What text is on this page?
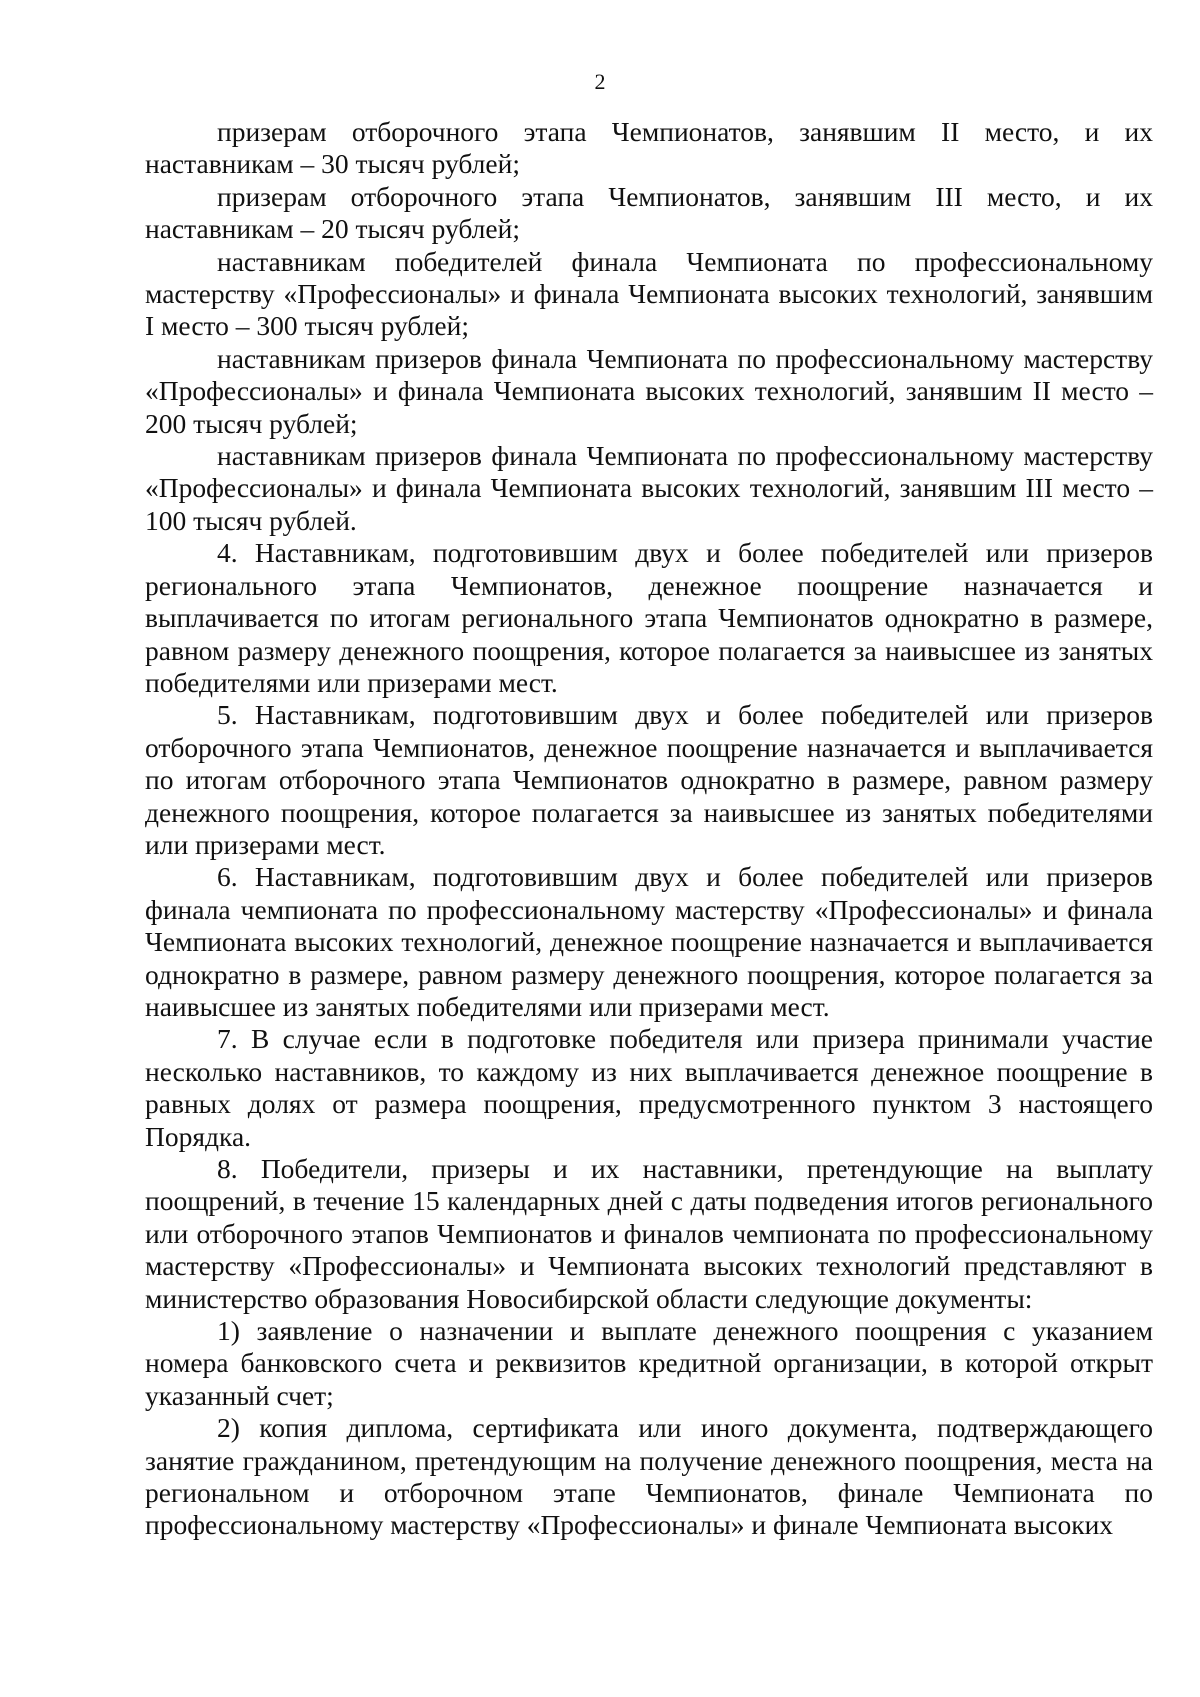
2

призерам отборочного этапа Чемпионатов, занявшим II место, и их наставникам – 30 тысяч рублей;

призерам отборочного этапа Чемпионатов, занявшим III место, и их наставникам – 20 тысяч рублей;

наставникам победителей финала Чемпионата по профессиональному мастерству «Профессионалы» и финала Чемпионата высоких технологий, занявшим I место – 300 тысяч рублей;

наставникам призеров финала Чемпионата по профессиональному мастерству «Профессионалы» и финала Чемпионата высоких технологий, занявшим II место – 200 тысяч рублей;

наставникам призеров финала Чемпионата по профессиональному мастерству «Профессионалы» и финала Чемпионата высоких технологий, занявшим III место – 100 тысяч рублей.

4. Наставникам, подготовившим двух и более победителей или призеров регионального этапа Чемпионатов, денежное поощрение назначается и выплачивается по итогам регионального этапа Чемпионатов однократно в размере, равном размеру денежного поощрения, которое полагается за наивысшее из занятых победителями или призерами мест.

5. Наставникам, подготовившим двух и более победителей или призеров отборочного этапа Чемпионатов, денежное поощрение назначается и выплачивается по итогам отборочного этапа Чемпионатов однократно в размере, равном размеру денежного поощрения, которое полагается за наивысшее из занятых победителями или призерами мест.

6. Наставникам, подготовившим двух и более победителей или призеров финала чемпионата по профессиональному мастерству «Профессионалы» и финала Чемпионата высоких технологий, денежное поощрение назначается и выплачивается однократно в размере, равном размеру денежного поощрения, которое полагается за наивысшее из занятых победителями или призерами мест.

7. В случае если в подготовке победителя или призера принимали участие несколько наставников, то каждому из них выплачивается денежное поощрение в равных долях от размера поощрения, предусмотренного пунктом 3 настоящего Порядка.

8. Победители, призеры и их наставники, претендующие на выплату поощрений, в течение 15 календарных дней с даты подведения итогов регионального или отборочного этапов Чемпионатов и финалов чемпионата по профессиональному мастерству «Профессионалы» и Чемпионата высоких технологий представляют в министерство образования Новосибирской области следующие документы:

1) заявление о назначении и выплате денежного поощрения с указанием номера банковского счета и реквизитов кредитной организации, в которой открыт указанный счет;

2) копия диплома, сертификата или иного документа, подтверждающего занятие гражданином, претендующим на получение денежного поощрения, места на региональном и отборочном этапе Чемпионатов, финале Чемпионата по профессиональному мастерству «Профессионалы» и финале Чемпионата высоких
